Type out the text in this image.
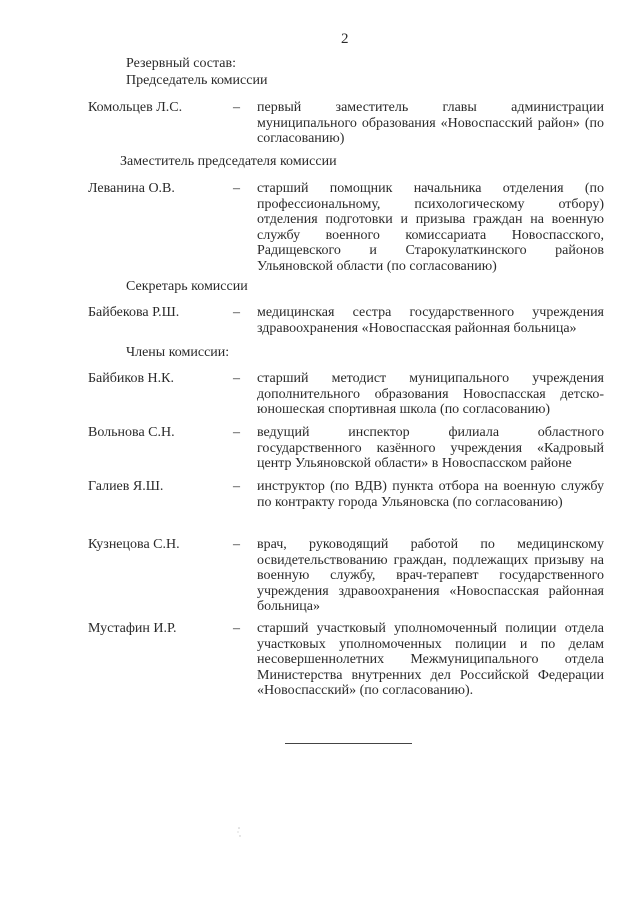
2
Резервный состав:
Председатель комиссии
Комольцев Л.С.	– первый заместитель главы администрации муниципального образования «Новоспасский район» (по согласованию)
Заместитель председателя комиссии
Леванина О.В.	– старший помощник начальника отделения (по профессиональному, психологическому отбору) отделения подготовки и призыва граждан на военную службу военного комиссариата Новоспасского, Радищевского и Старокулаткинского районов Ульяновской области (по согласованию)
Секретарь комиссии
Байбекова Р.Ш.	– медицинская сестра государственного учреждения здравоохранения «Новоспасская районная больница»
Члены комиссии:
Байбиков Н.К.	– старший методист муниципального учреждения дополнительного образования Новоспасская детско-юношеская спортивная школа (по согласованию)
Вольнова С.Н.	– ведущий инспектор филиала областного государственного казённого учреждения «Кадровый центр Ульяновской области» в Новоспасском районе
Галиев Я.Ш.	– инструктор (по ВДВ) пункта отбора на военную службу по контракту города Ульяновска (по согласованию)
Кузнецова С.Н.	– врач, руководящий работой по медицинскому освидетельствованию граждан, подлежащих призыву на военную службу, врач-терапевт государственного учреждения здравоохранения «Новоспасская районная больница»
Мустафин И.Р.	– старший участковый уполномоченный полиции отдела участковых уполномоченных полиции и по делам несовершеннолетних Межмуниципального отдела Министерства внутренних дел Российской Федерации «Новоспасский» (по согласованию).
